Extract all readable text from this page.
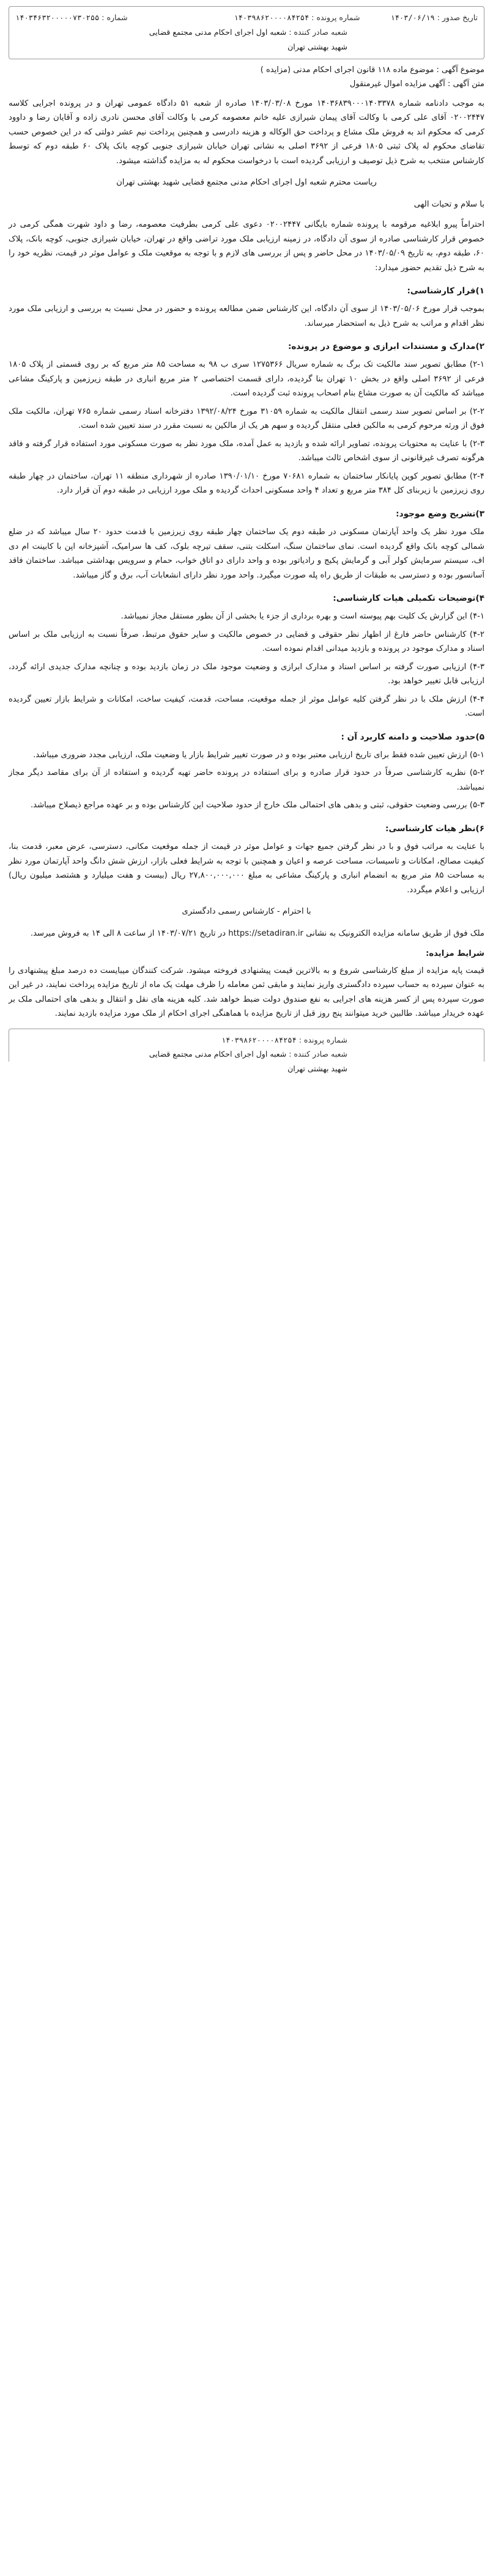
تاریخ صدور : ۱۴۰۳/۰۶/۱۹
شماره پرونده : ۱۴۰۳۹۸۶۲۰۰۰۰۸۴۲۵۴
شماره : ۱۴۰۳۴۶۳۲۰۰۰۰۰۷۳۰۲۵۵
شعبه صادر کننده : شعبه اول اجرای احکام مدنی مجتمع قضایی شهید بهشتی تهران
موضوع آگهی : موضوع ماده ۱۱۸ قانون اجرای احکام مدنی (مزایده )
متن آگهی : آگهی مزایده اموال غیرمنقول

به موجب دادنامه شماره ۱۴۰۳۶۸۳۹۰۰۰۱۴۰۳۳۷۸ مورخ ۱۴۰۳/۰۳/۰۸ صادره از شعبه ۵۱ دادگاه عمومی تهران و در پرونده اجرایی کلاسه ۰۲۰۰۲۴۴۷ آقای علی کرمی با وکالت آقای پیمان شیرازی علیه خانم معصومه کرمی با وکالت آقای محسن نادری زاده و آقایان رضا و داوود کرمی که محکوم اند به فروش ملک مشاع و پرداخت حق الوکاله و هزینه دادرسی و همچنین پرداخت نیم عشر دولتی که در این خصوص حسب تقاضای محکوم له پلاک ثبتی ۱۸۰۵ فرعی از ۳۶۹۲ اصلی به نشانی تهران خیابان شیرازی جنوبی کوچه بانک پلاک ۶۰ طبقه دوم که توسط کارشناس منتخب به شرح ذیل توصیف و ارزیابی گردیده است با درخواست محکوم له به مزایده گذاشته میشود.

ریاست محترم شعبه اول اجرای احکام مدنی مجتمع قضایی شهید بهشتی تهران
با سلام و تحیات الهی

احتراماً پیرو ابلاغیه مرقومه با پرونده شماره بایگانی ۰۲۰۰۲۴۴۷ دعوی علی کرمی بطرفیت معصومه، رضا و داود شهرت همگی کرمی در خصوص قرار کارشناسی صادره از سوی آن دادگاه، در زمینه ارزیابی ملک مورد تراضی واقع در تهران، خیابان شیرازی جنوبی، کوچه بانک، پلاک ۶۰، طبقه دوم، به تاریخ ۱۴۰۳/۰۵/۰۹ در محل حاضر و پس از بررسی های لازم و با توجه به موقعیت ملک و عوامل موثر در قیمت، نظریه خود را به شرح ذیل تقدیم حضور میدارد:

۱)قرار کارشناسی:

بموجب قرار مورخ ۱۴۰۳/۰۵/۰۶ از سوی آن دادگاه، این کارشناس ضمن مطالعه پرونده و حضور در محل نسبت به بررسی و ارزیابی ملک مورد نظر اقدام و مراتب به شرح ذیل به استحضار میرساند.

۲)مدارک و مستندات ابرازی و موضوع در پرونده:

۲-۱) مطابق تصویر سند مالکیت تک برگ به شماره سریال ۱۲۷۵۳۶۶ سری ب ۹۸ به مساحت ۸۵ متر مربع که بر روی قسمتی از پلاک ۱۸۰۵ فرعی از ۳۶۹۲ اصلی واقع در بخش ۱۰ تهران بنا گردیده، دارای قسمت اختصاصی ۲ متر مربع انباری در طبقه زیرزمین و پارکینگ مشاعی میباشد که مالکیت آن به صورت مشاع بنام اصحاب پرونده ثبت گردیده است.

۲-۲) بر اساس تصویر سند رسمی انتقال مالکیت به شماره ۳۱۰۵۹ مورخ ۱۳۹۲/۰۸/۲۴ دفترخانه اسناد رسمی شماره ۷۶۵ تهران، مالکیت ملک فوق از ورثه مرحوم کرمی به مالکین فعلی منتقل گردیده و سهم هر یک از مالکین به نسبت مقرر در سند تعیین شده است.

۲-۳) با عنایت به محتویات پرونده، تصاویر ارائه شده و بازدید به عمل آمده، ملک مورد نظر به صورت مسکونی مورد استفاده قرار گرفته و فاقد هرگونه تصرف غیرقانونی از سوی اشخاص ثالث میباشد.

۲-۴) مطابق تصویر کوپن پایانکار ساختمان به شماره ۷۰۶۸۱ مورخ ۱۳۹۰/۰۱/۱۰ صادره از شهرداری منطقه ۱۱ تهران، ساختمان در چهار طبقه روی زیرزمین با زیربنای کل ۳۸۴ متر مربع و تعداد ۴ واحد مسکونی احداث گردیده و ملک مورد ارزیابی در طبقه دوم آن قرار دارد.

۳)تشریح وضع موجود:

ملک مورد نظر یک واحد آپارتمان مسکونی در طبقه دوم یک ساختمان چهار طبقه روی زیرزمین با قدمت حدود ۲۰ سال میباشد که در ضلع شمالی کوچه بانک واقع گردیده است. نمای ساختمان سنگ، اسکلت بتنی، سقف تیرچه بلوک، کف ها سرامیک، آشپزخانه اپن با کابینت ام دی اف، سیستم سرمایش کولر آبی و گرمایش پکیج و رادیاتور بوده و واحد دارای دو اتاق خواب، حمام و سرویس بهداشتی میباشد. ساختمان فاقد آسانسور بوده و دسترسی به طبقات از طریق راه پله صورت میگیرد. واحد مورد نظر دارای انشعابات آب، برق و گاز میباشد.

۴)توضیحات تکمیلی هیات کارشناسی:

۴-۱) این گزارش یک کلیت بهم پیوسته است و بهره برداری از جزء یا بخشی از آن بطور مستقل مجاز نمیباشد.

۴-۲) کارشناس حاضر فارغ از اظهار نظر حقوقی و قضایی در خصوص مالکیت و سایر حقوق مرتبط، صرفاً نسبت به ارزیابی ملک بر اساس اسناد و مدارک موجود در پرونده و بازدید میدانی اقدام نموده است.

۴-۳) ارزیابی صورت گرفته بر اساس اسناد و مدارک ابرازی و وضعیت موجود ملک در زمان بازدید بوده و چنانچه مدارک جدیدی ارائه گردد، ارزیابی قابل تغییر خواهد بود.

۴-۴) ارزش ملک با در نظر گرفتن کلیه عوامل موثر از جمله موقعیت، مساحت، قدمت، کیفیت ساخت، امکانات و شرایط بازار تعیین گردیده است.

۵)حدود صلاحیت و دامنه کاربرد آن :

۵-۱) ارزش تعیین شده فقط برای تاریخ ارزیابی معتبر بوده و در صورت تغییر شرایط بازار یا وضعیت ملک، ارزیابی مجدد ضروری میباشد.

۵-۲) نظریه کارشناسی صرفاً در حدود قرار صادره و برای استفاده در پرونده حاضر تهیه گردیده و استفاده از آن برای مقاصد دیگر مجاز نمیباشد.

۵-۳) بررسی وضعیت حقوقی، ثبتی و بدهی های احتمالی ملک خارج از حدود صلاحیت این کارشناس بوده و بر عهده مراجع ذیصلاح میباشد.

۶)نظر هیات کارشناسی:

با عنایت به مراتب فوق و با در نظر گرفتن جمیع جهات و عوامل موثر در قیمت از جمله موقعیت مکانی، دسترسی، عرض معبر، قدمت بنا، کیفیت مصالح، امکانات و تاسیسات، مساحت عرصه و اعیان و همچنین با توجه به شرایط فعلی بازار، ارزش شش دانگ واحد آپارتمان مورد نظر به مساحت ۸۵ متر مربع به انضمام انباری و پارکینگ مشاعی به مبلغ ۲۷,۸۰۰,۰۰۰,۰۰۰ ریال (بیست و هفت میلیارد و هشتصد میلیون ریال) ارزیابی و اعلام میگردد.

با احترام - کارشناس رسمی دادگستری

ملک فوق از طریق سامانه مزایده الکترونیک به نشانی https://setadiran.ir در تاریخ ۱۴۰۳/۰۷/۲۱ از ساعت ۸ الی ۱۴ به فروش میرسد.

شرایط مزایده:

قیمت پایه مزایده از مبلغ کارشناسی شروع و به بالاترین قیمت پیشنهادی فروخته میشود. شرکت کنندگان میبایست ده درصد مبلغ پیشنهادی را به عنوان سپرده به حساب سپرده دادگستری واریز نمایند و مابقی ثمن معامله را ظرف مهلت یک ماه از تاریخ مزایده پرداخت نمایند، در غیر این صورت سپرده پس از کسر هزینه های اجرایی به نفع صندوق دولت ضبط خواهد شد. کلیه هزینه های نقل و انتقال و بدهی های احتمالی ملک بر عهده خریدار میباشد. طالبین خرید میتوانند پنج روز قبل از تاریخ مزایده با هماهنگی اجرای احکام از ملک مورد مزایده بازدید نمایند.

شماره پرونده : ۱۴۰۳۹۸۶۲۰۰۰۰۸۴۲۵۴
شعبه صادر کننده : شعبه اول اجرای احکام مدنی مجتمع قضایی شهید بهشتی تهران
